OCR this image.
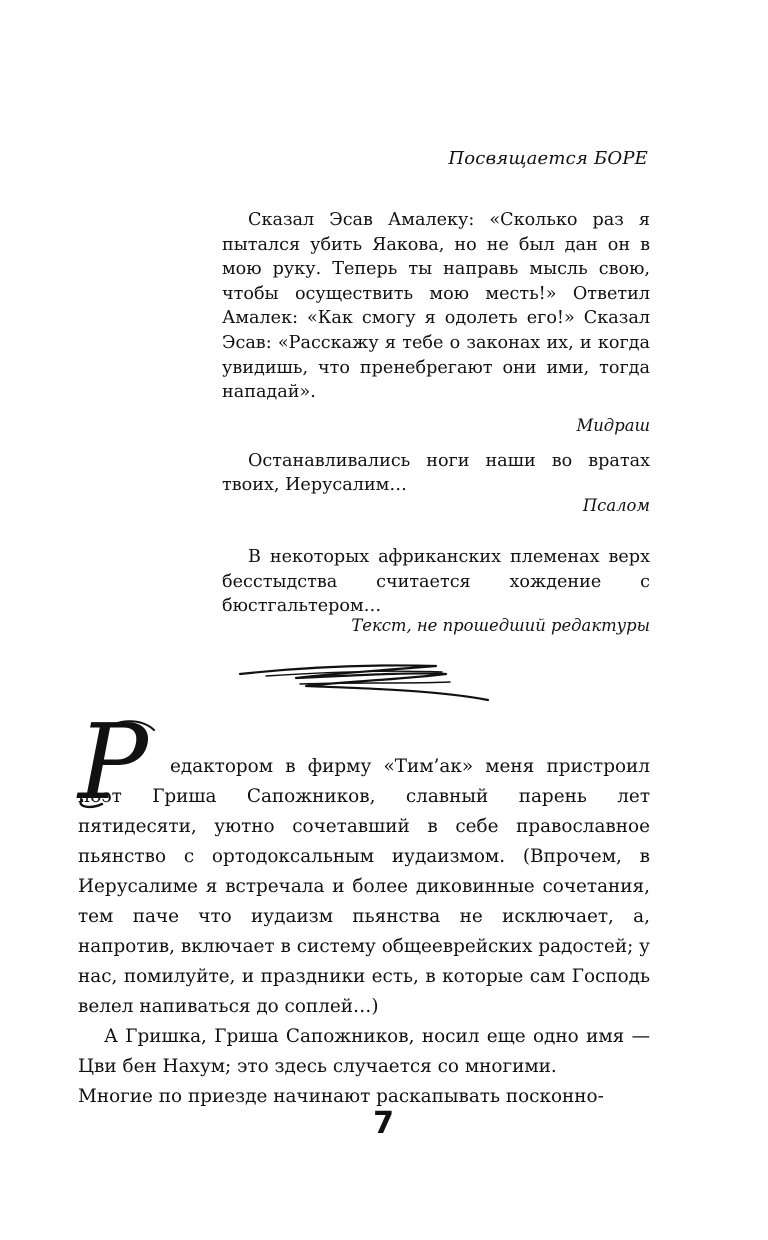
Посвящается БОРЕ

Сказал Эсав Амалеку: «Сколько раз я пытался убить Яакова, но не был дан он в мою руку. Теперь ты направь мысль свою, чтобы осуществить мою месть!» Ответил Амалек: «Как смогу я одолеть его!» Сказал Эсав: «Расскажу я тебе о законах их, и когда увидишь, что пренебрегают они ими, тогда нападай».

Мидраш

Останавливались ноги наши во вратах твоих, Иерусалим…

Псалом

В некоторых африканских племенах верх бесстыдства считается хождение с бюстгальтером…

Текст, не прошедший редактуры

Р	едактором в фирму «Тим’ак» меня пристроил поэт Гриша Сапожников, славный парень лет пятидесяти, уютно сочетавший в себе православное пьянство с ортодоксальным иудаизмом. (Впрочем, в Иерусалиме я встречала и более диковинные сочетания, тем паче что иудаизм пьянства не исключает, а, напротив, включает в систему общееврейских радостей; у нас, помилуйте, и праздники есть, в которые сам Господь велел напиваться до соплей…)

А Гришка, Гриша Сапожников, носил еще одно имя — Цви бен Нахум; это здесь случается со многими.

Многие по приезде начинают раскапывать посконно-

7
